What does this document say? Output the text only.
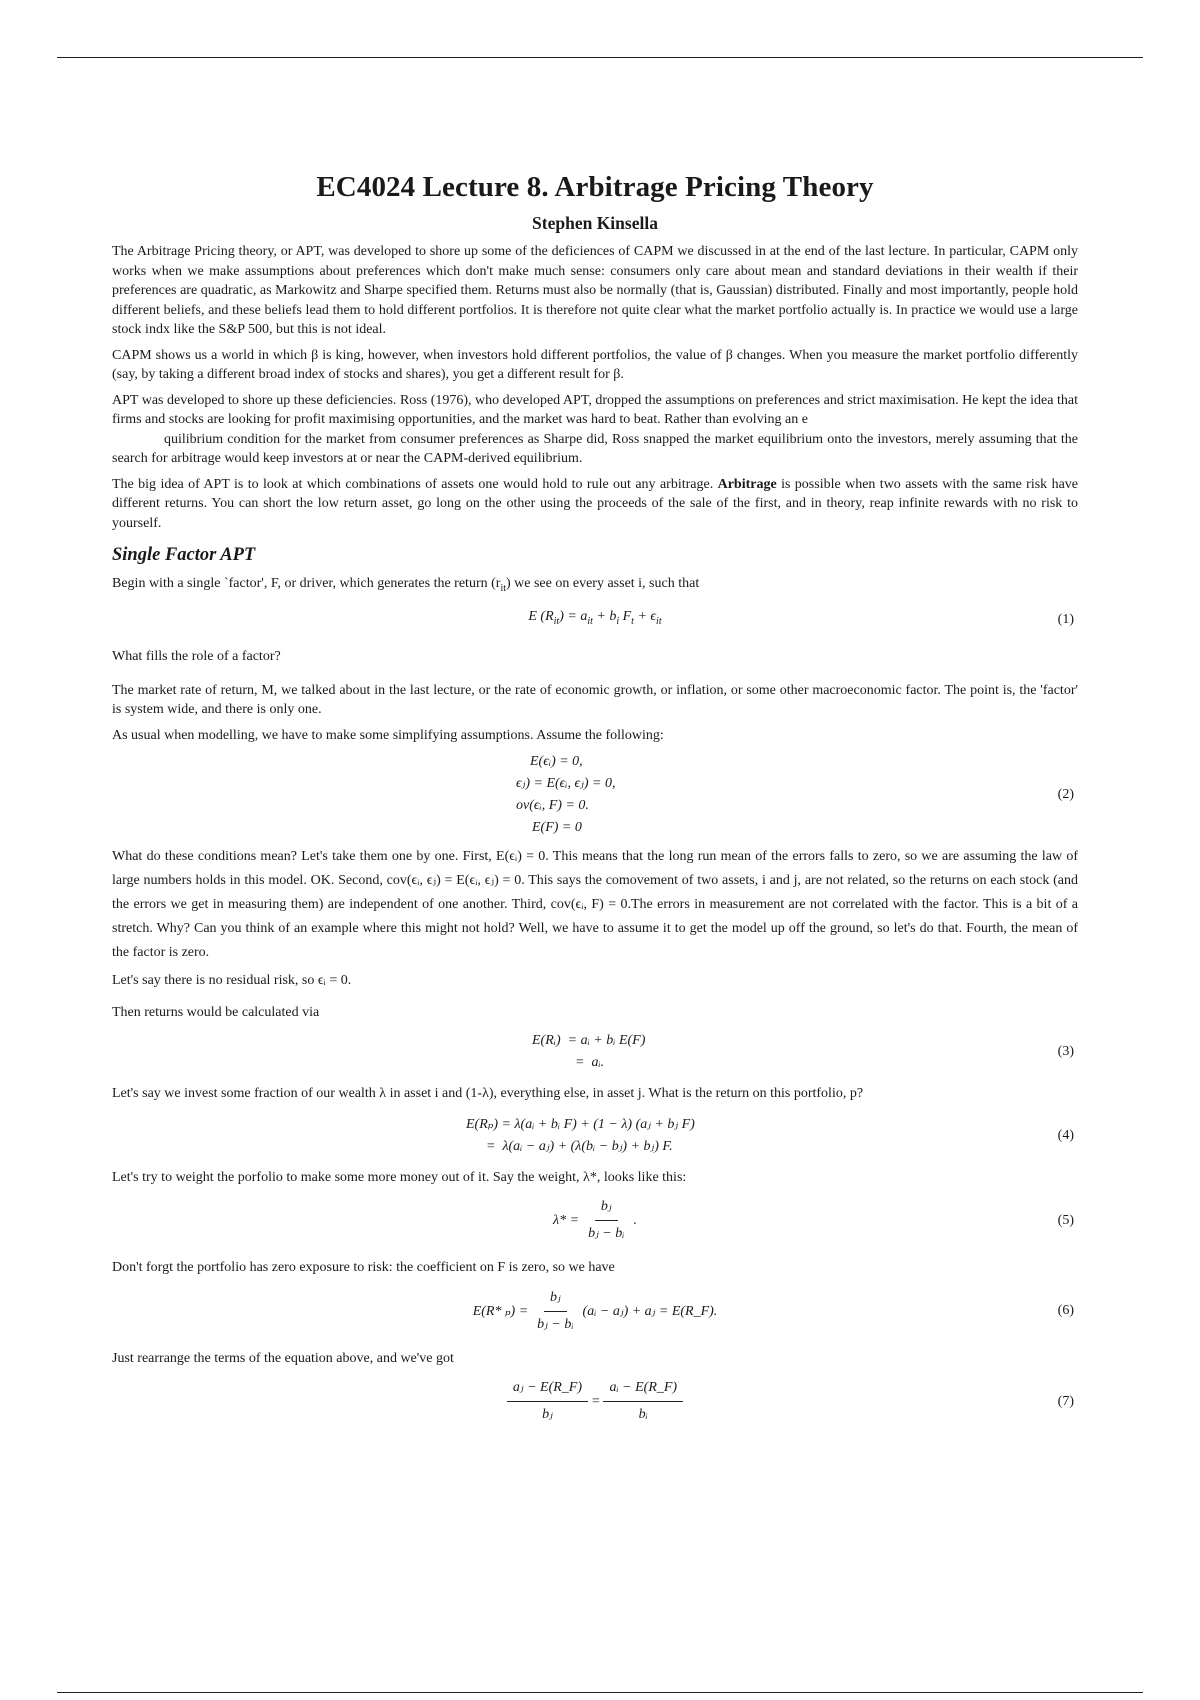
EC4024 Lecture 8. Arbitrage Pricing Theory
Stephen Kinsella

The Arbitrage Pricing theory, or APT, was developed to shore up some of the deficiences of CAPM we discussed in at the end of the last lecture. In particular, CAPM only works when we make assumptions about preferences which don't make much sense: consumers only care about mean and standard deviations in their wealth if their preferences are quadratic, as Markowitz and Sharpe specified them. Returns must also be normally (that is, Gaussian) distributed. Finally and most importantly, people hold different beliefs, and these beliefs lead them to hold different portfolios. It is therefore not quite clear what the market portfolio actually is. In practice we would use a large stock indx like the S&P 500, but this is not ideal.

CAPM shows us a world in which β is king, however, when investors hold different portfolios, the value of β changes. When you measure the market portfolio differently (say, by taking a different broad index of stocks and shares), you get a different result for β.

APT was developed to shore up these deficiencies. Ross (1976), who developed APT, dropped the assumptions on preferences and strict maximisation. He kept the idea that firms and stocks are looking for profit maximising opportunities, and the market was hard to beat. Rather than evolving an e

quilibrium condition for the market from consumer preferences as Sharpe did, Ross snapped the market equilibrium onto the investors, merely assuming that the search for arbitrage would keep investors at or near the CAPM-derived equilibrium.

The big idea of APT is to look at which combinations of assets one would hold to rule out any arbitrage. Arbitrage is possible when two assets with the same risk have different returns. You can short the low return asset, go long on the other using the proceeds of the sale of the first, and in theory, reap infinite rewards with no risk to yourself.

Single Factor APT

Begin with a single `factor', F, or driver, which generates the return $(r_{it})$ we see on every asset i, such that

E $(R_{it}) = a_{it} + b_i$ $F_t + \epsilon_{it}$	(1)

What fills the role of a factor?

The market rate of return, M, we talked about in the last lecture, or the rate of economic growth, or inflation, or some other macroeconomic factor. The point is, the 'factor' is system wide, and there is only one.

As usual when modelling, we have to make some simplifying assumptions. Assume the following:

E(ϵᵢ) = 0,
ϵⱼ) = E(ϵᵢ, ϵⱼ) = 0,
ov(ϵᵢ, F) = 0.
E(F) = 0
(2)

What do these conditions mean? Let's take them one by one. First, E(ϵᵢ) = 0. This means that the long run mean of the errors falls to zero, so we are assuming the law of large numbers holds in this model. OK. Second, cov(ϵᵢ, ϵⱼ) = E(ϵᵢ, ϵⱼ) = 0. This says the comovement of two assets, i and j, are not related, so the returns on each stock (and the errors we get in measuring them) are independent of one another. Third, cov(ϵᵢ, F) = 0.The errors in measurement are not correlated with the factor. This is a bit of a stretch. Why? Can you think of an example where this might not hold? Well, we have to assume it to get the model up off the ground, so let's do that. Fourth, the mean of the factor is zero.

Let's say there is no residual risk, so ϵᵢ = 0.

Then returns would be calculated via

E(Rᵢ)  = aᵢ + bᵢ E(F)
=  aᵢ.
(3)

Let's say we invest some fraction of our wealth λ in asset i and (1-λ), everything else, in asset j. What is the return on this portfolio, p?

E(Rₚ) = λ(aᵢ + bᵢ F) + (1 − λ) (aⱼ + bⱼ F)
=  λ(aᵢ − aⱼ) + (λ(bᵢ − bⱼ) + bⱼ) F.
(4)

Let's try to weight the porfolio to make some more money out of it. Say the weight, λ*, looks like this:

$\lambda* = \frac{\text{bⱼ}}{\text{bⱼ − bᵢ}}$ .	(5)

Don't forgt the portfolio has zero exposure to risk: the coefficient on F is zero, so we have

E(R* $_p) = \frac{\text{bⱼ}}{\text{bⱼ − bᵢ}}$ (aᵢ − aⱼ) + aⱼ = E(R_F).	(6)

Just rearrange the terms of the equation above, and we've got

$\frac{\text{aⱼ − E(R\_F)}}{\text{bⱼ}} = \frac{\text{aᵢ − E(R\_F)}}{\text{bᵢ}}$	(7)
